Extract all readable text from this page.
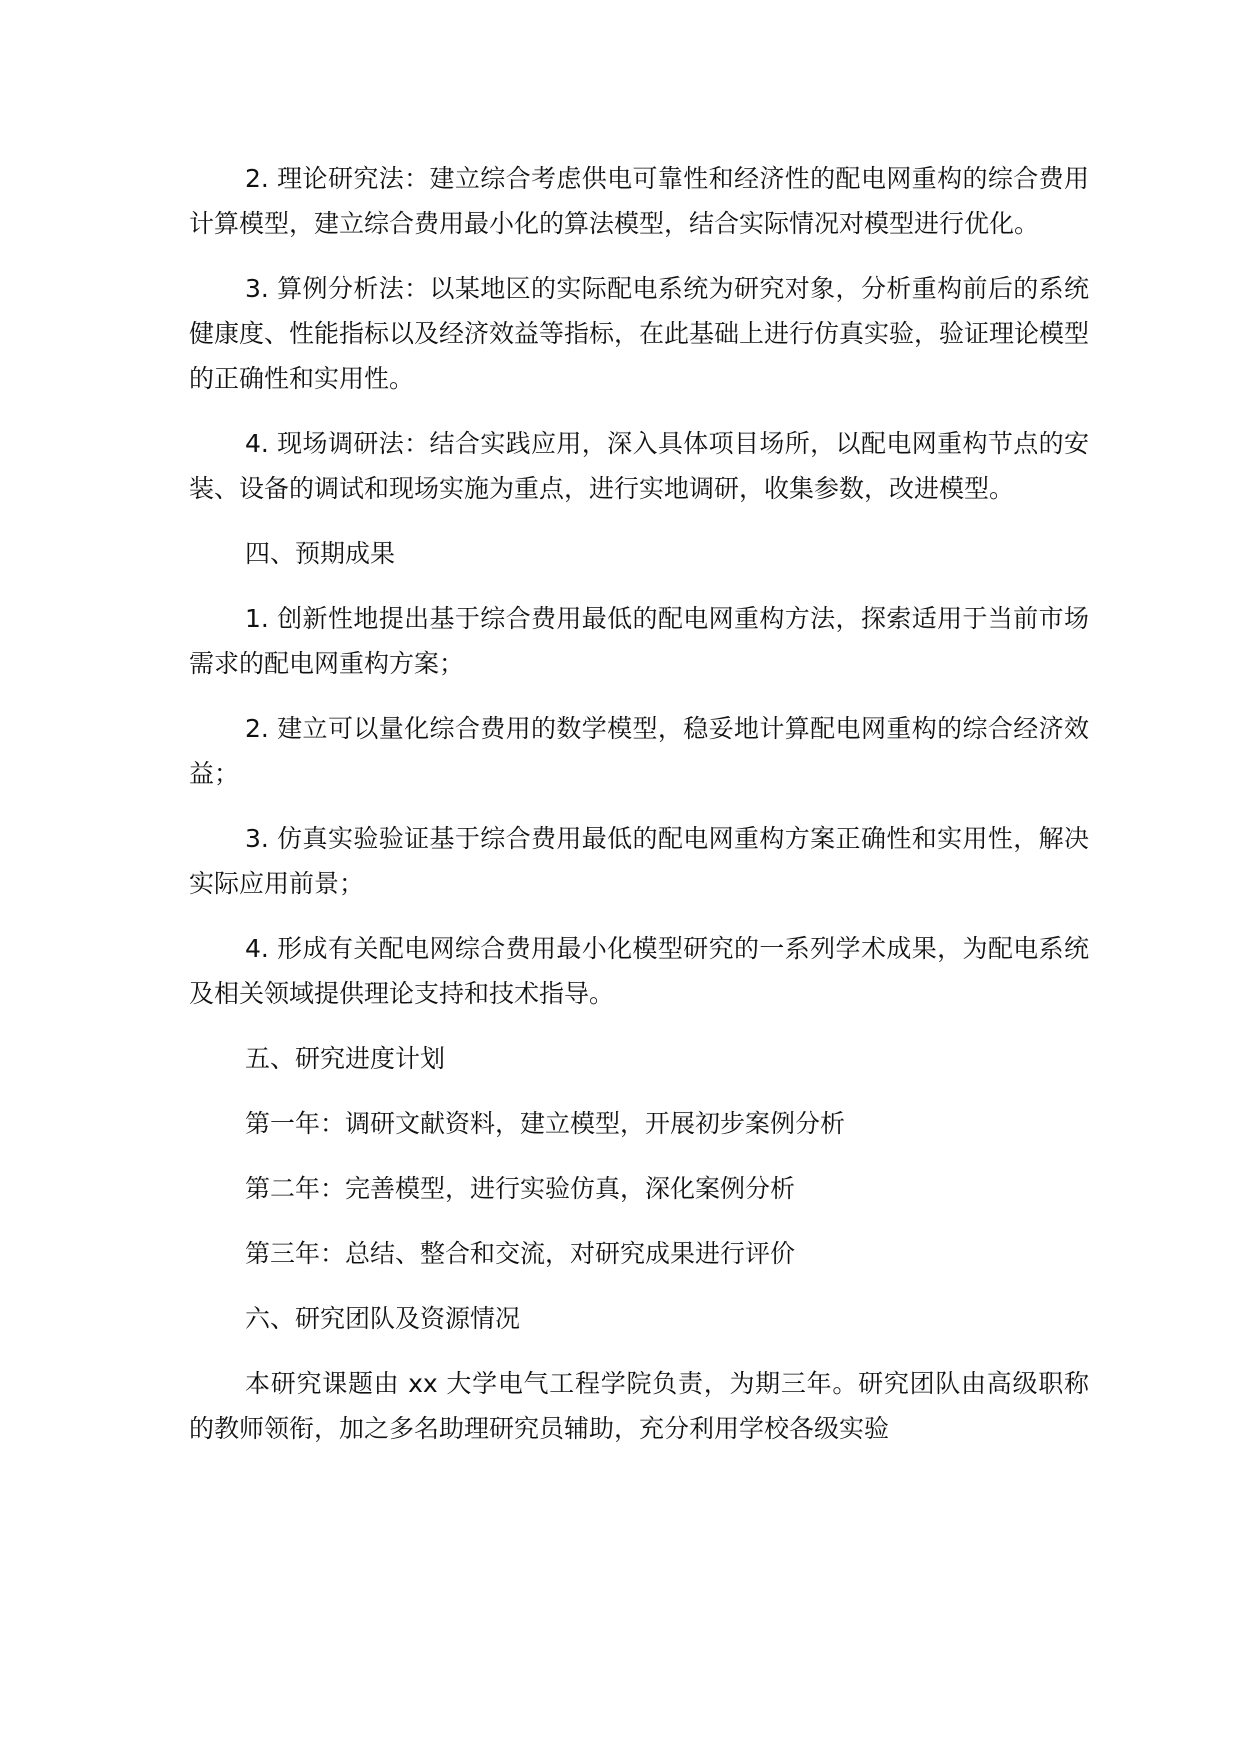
2. 理论研究法：建立综合考虑供电可靠性和经济性的配电网重构的综合费用计算模型，建立综合费用最小化的算法模型，结合实际情况对模型进行优化。

3. 算例分析法：以某地区的实际配电系统为研究对象，分析重构前后的系统健康度、性能指标以及经济效益等指标，在此基础上进行仿真实验，验证理论模型的正确性和实用性。

4. 现场调研法：结合实践应用，深入具体项目场所，以配电网重构节点的安装、设备的调试和现场实施为重点，进行实地调研，收集参数，改进模型。

四、预期成果

1. 创新性地提出基于综合费用最低的配电网重构方法，探索适用于当前市场需求的配电网重构方案；

2. 建立可以量化综合费用的数学模型，稳妥地计算配电网重构的综合经济效益；

3. 仿真实验验证基于综合费用最低的配电网重构方案正确性和实用性，解决实际应用前景；

4. 形成有关配电网综合费用最小化模型研究的一系列学术成果，为配电系统及相关领域提供理论支持和技术指导。

五、研究进度计划

第一年：调研文献资料，建立模型，开展初步案例分析

第二年：完善模型，进行实验仿真，深化案例分析

第三年：总结、整合和交流，对研究成果进行评价

六、研究团队及资源情况

本研究课题由 xx 大学电气工程学院负责，为期三年。研究团队由高级职称的教师领衔，加之多名助理研究员辅助，充分利用学校各级实验
